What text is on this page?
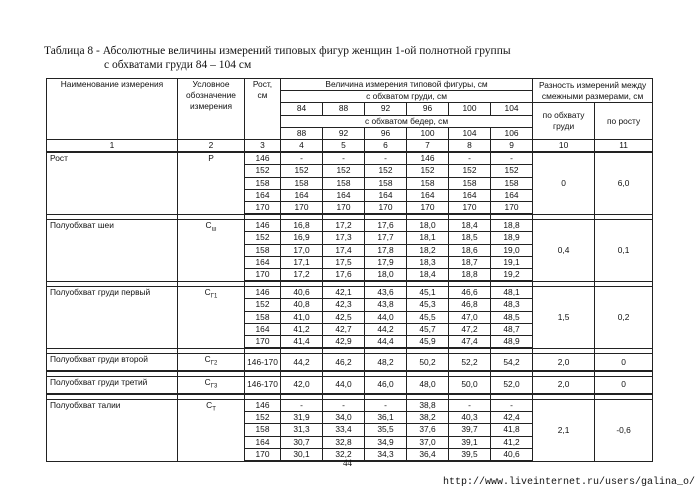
Таблица 8 - Абсолютные величины измерений типовых фигур женщин 1-ой полнотной группы
с обхватами груди 84 – 104 см
Наименование измерения	Условное обозначение измерения	Рост, см	Величина измерения типовой фигуры, см						Разность измерений между смежными размерами, см	
			с обхватом груди, см							
			84	88	92	96	100	104	по обхвату груди	по росту
			с обхватом бедер, см							
			88	92	96	100	104	106		
1	2	3	4	5	6	7	8	9	10	11
Рост	Р	146	-	-	-	146	-	-	0	6,0
		152	152	152	152	152	152	152		
		158	158	158	158	158	158	158		
		164	164	164	164	164	164	164		
		170	170	170	170	170	170	170		

Полуобхват шеи	$С_ш$	146	16,8	17,2	17,6	18,0	18,4	18,8	0,4	0,1
		152	16,9	17,3	17,7	18,1	18,5	18,9		
		158	17,0	17,4	17,8	18,2	18,6	19,0		
		164	17,1	17,5	17,9	18,3	18,7	19,1		
		170	17,2	17,6	18,0	18,4	18,8	19,2		

Полуобхват груди первый	$С_{Г1}$	146	40,6	42,1	43,6	45,1	46,6	48,1	1,5	0,2
		152	40,8	42,3	43,8	45,3	46,8	48,3		
		158	41,0	42,5	44,0	45,5	47,0	48,5		
		164	41,2	42,7	44,2	45,7	47,2	48,7		
		170	41,4	42,9	44,4	45,9	47,4	48,9		

Полуобхват груди второй	$С_{Г2}$	146-170	44,2	46,2	48,2	50,2	52,2	54,2	2,0	0

Полуобхват груди третий	$С_{Г3}$	146-170	42,0	44,0	46,0	48,0	50,0	52,0	2,0	0

Полуобхват талии	$С_Т$	146	-	-	-	38,8	-	-	2,1	-0,6
		152	31,9	34,0	36,1	38,2	40,3	42,4		
		158	31,3	33,4	35,5	37,6	39,7	41,8		
		164	30,7	32,8	34,9	37,0	39,1	41,2		
		170	30,1	32,2	34,3	36,4	39,5	40,6		
44
http://www.liveinternet.ru/users/galina_o/
